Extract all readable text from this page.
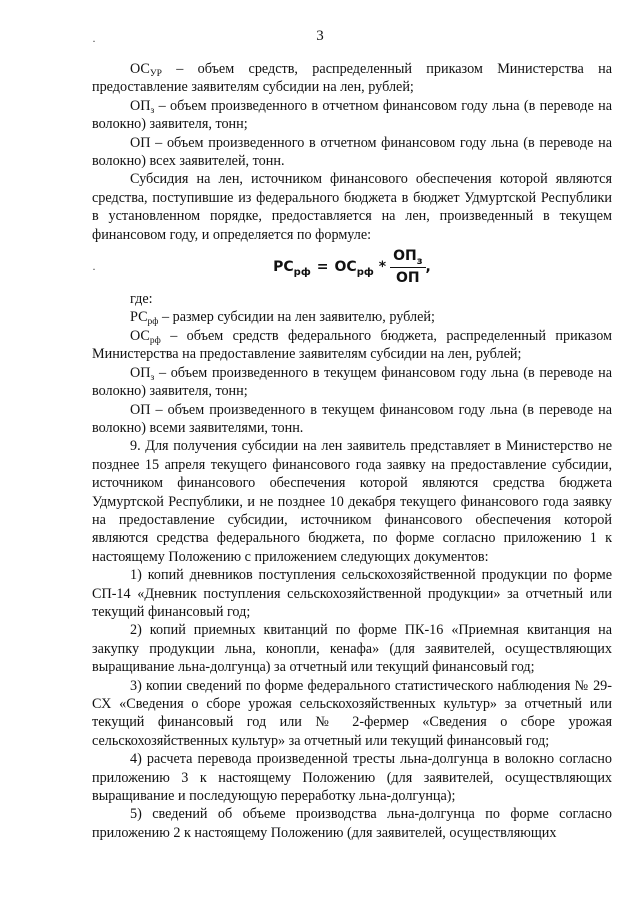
3
·
·

$ОС_{УР}$ – объем средств, распределенный приказом Министерства на предоставление заявителям субсидии на лен, рублей;

$ОП_з$ – объем произведенного в отчетном финансовом году льна (в переводе на волокно) заявителя, тонн;

ОП – объем произведенного в отчетном финансовом году льна (в переводе на волокно) всех заявителей, тонн.

Субсидия на лен, источником финансового обеспечения которой являются средства, поступившие из федерального бюджета в бюджет Удмуртской Республики в установленном порядке, предоставляется на лен, произведенный в текущем финансовом году, и определяется по формуле:

$РС_{рф} = ОС_{рф} * \frac{ОП_з}{ОП}$ ,

где:

$РС_{рф}$ – размер субсидии на лен заявителю, рублей;

$ОС_{рф}$ – объем средств федерального бюджета, распределенный приказом Министерства на предоставление заявителям субсидии на лен, рублей;

$ОП_з$ – объем произведенного в текущем финансовом году льна (в переводе на волокно) заявителя, тонн;

ОП – объем произведенного в текущем финансовом году льна (в переводе на волокно) всеми заявителями, тонн.

9. Для получения субсидии на лен заявитель представляет в Министерство не позднее 15 апреля текущего финансового года заявку на предоставление субсидии, источником финансового обеспечения которой являются средства бюджета Удмуртской Республики, и не позднее 10 декабря текущего финансового года заявку на предоставление субсидии, источником финансового обеспечения которой являются средства федерального бюджета, по форме согласно приложению 1 к настоящему Положению с приложением следующих документов:

1) копий дневников поступления сельскохозяйственной продукции по форме СП-14 «Дневник поступления сельскохозяйственной продукции» за отчетный или текущий финансовый год;

2) копий приемных квитанций по форме ПК-16 «Приемная квитанция на закупку продукции льна, конопли, кенафа» (для заявителей, осуществляющих выращивание льна-долгунца) за отчетный или текущий финансовый год;

3) копии сведений по форме федерального статистического наблюдения № 29-СХ «Сведения о сборе урожая сельскохозяйственных культур» за отчетный или текущий финансовый год или № 2-фермер «Сведения о сборе урожая сельскохозяйственных культур» за отчетный или текущий финансовый год;

4) расчета перевода произведенной тресты льна-долгунца в волокно согласно приложению 3 к настоящему Положению (для заявителей, осуществляющих выращивание и последующую переработку льна-долгунца);

5) сведений об объеме производства льна-долгунца по форме согласно приложению 2 к настоящему Положению (для заявителей, осуществляющих
